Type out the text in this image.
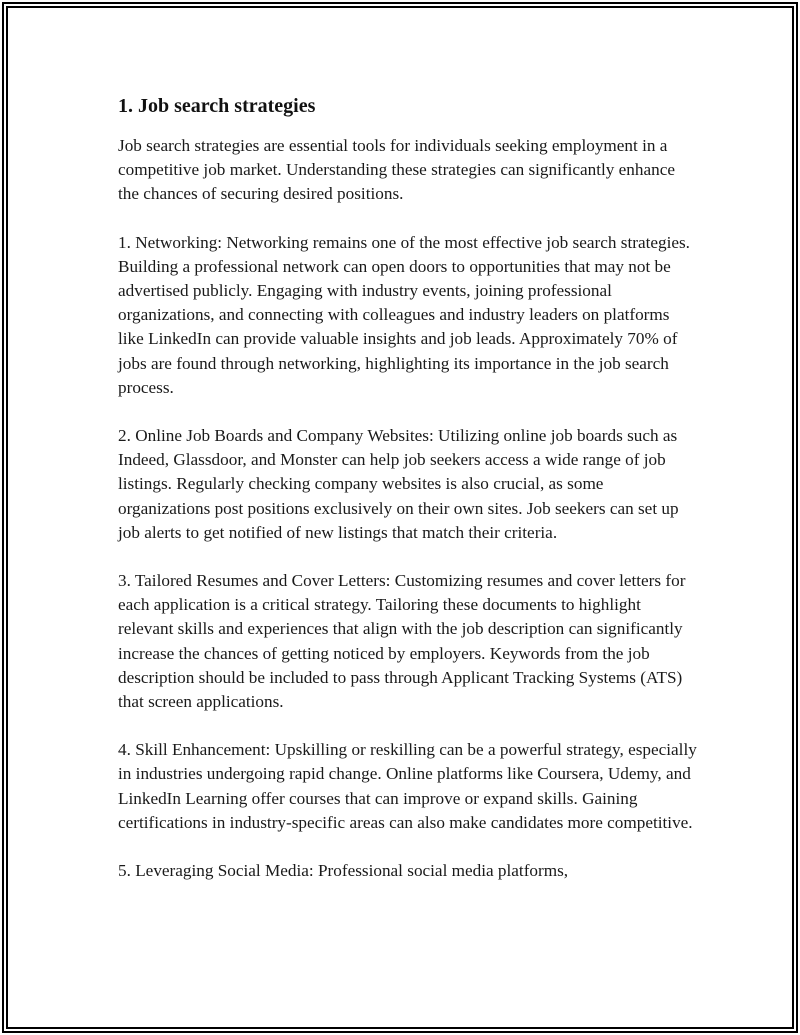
1. Job search strategies

Job search strategies are essential tools for individuals seeking employment in a competitive job market. Understanding these strategies can significantly enhance the chances of securing desired positions.

1. Networking: Networking remains one of the most effective job search strategies. Building a professional network can open doors to opportunities that may not be advertised publicly. Engaging with industry events, joining professional organizations, and connecting with colleagues and industry leaders on platforms like LinkedIn can provide valuable insights and job leads. Approximately 70% of jobs are found through networking, highlighting its importance in the job search process.

2. Online Job Boards and Company Websites: Utilizing online job boards such as Indeed, Glassdoor, and Monster can help job seekers access a wide range of job listings. Regularly checking company websites is also crucial, as some organizations post positions exclusively on their own sites. Job seekers can set up job alerts to get notified of new listings that match their criteria.

3. Tailored Resumes and Cover Letters: Customizing resumes and cover letters for each application is a critical strategy. Tailoring these documents to highlight relevant skills and experiences that align with the job description can significantly increase the chances of getting noticed by employers. Keywords from the job description should be included to pass through Applicant Tracking Systems (ATS) that screen applications.

4. Skill Enhancement: Upskilling or reskilling can be a powerful strategy, especially in industries undergoing rapid change. Online platforms like Coursera, Udemy, and LinkedIn Learning offer courses that can improve or expand skills. Gaining certifications in industry-specific areas can also make candidates more competitive.

5. Leveraging Social Media: Professional social media platforms,
